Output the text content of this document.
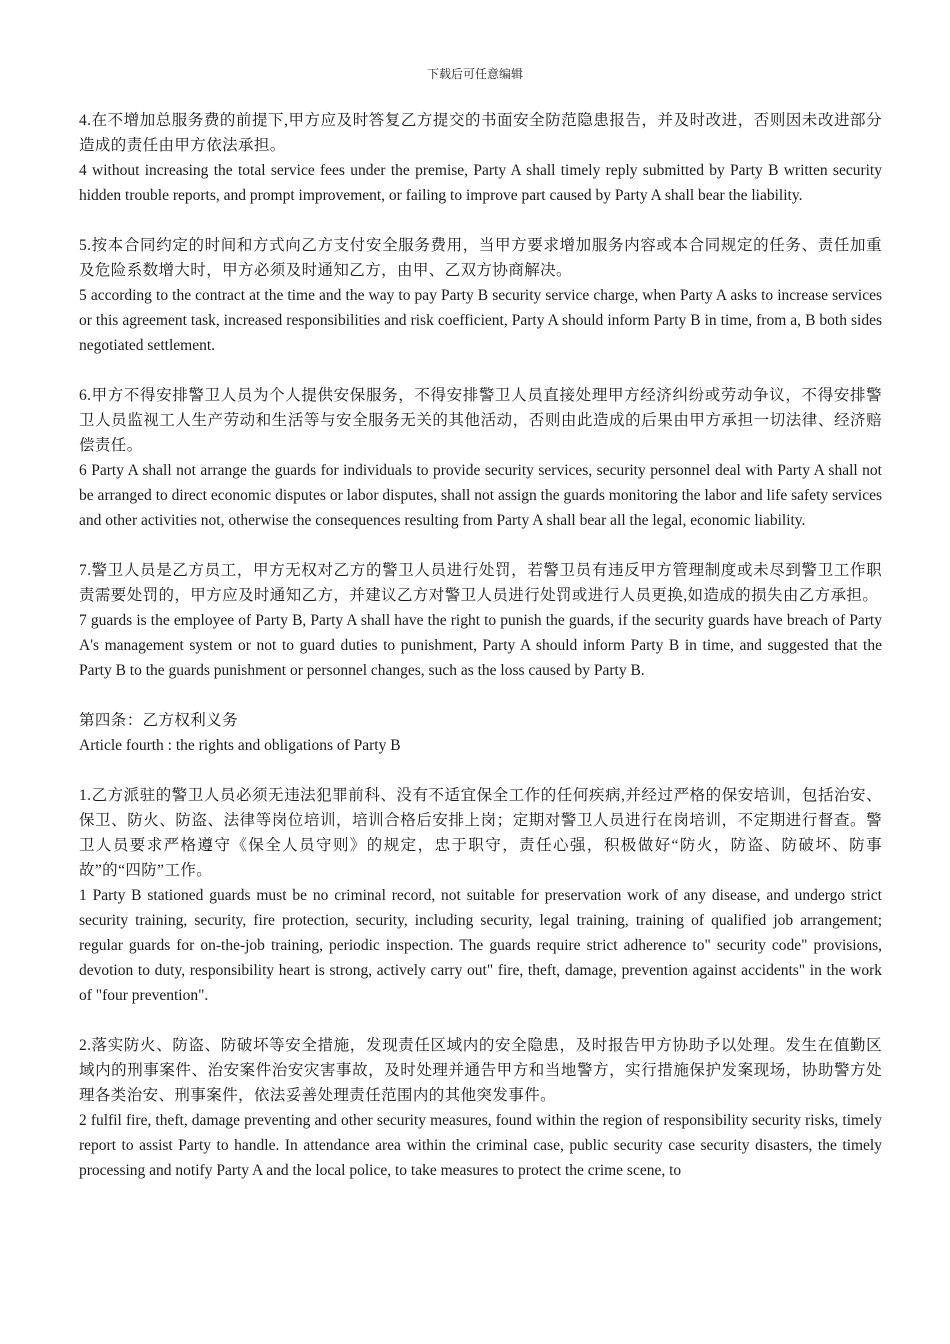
下载后可任意编辑

4.在不增加总服务费的前提下,甲方应及时答复乙方提交的书面安全防范隐患报告，并及时改进，否则因未改进部分造成的责任由甲方依法承担。

4 without increasing the total service fees under the premise, Party A shall timely reply submitted by Party B written security hidden trouble reports, and prompt improvement, or failing to improve part caused by Party A shall bear the liability.

5.按本合同约定的时间和方式向乙方支付安全服务费用，当甲方要求增加服务内容或本合同规定的任务、责任加重及危险系数增大时，甲方必须及时通知乙方，由甲、乙双方协商解决。

5 according to the contract at the time and the way to pay Party B security service charge, when Party A asks to increase services or this agreement task, increased responsibilities and risk coefficient, Party A should inform Party B in time, from a, B both sides negotiated settlement.

6.甲方不得安排警卫人员为个人提供安保服务，不得安排警卫人员直接处理甲方经济纠纷或劳动争议，不得安排警卫人员监视工人生产劳动和生活等与安全服务无关的其他活动，否则由此造成的后果由甲方承担一切法律、经济赔偿责任。

6 Party A shall not arrange the guards for individuals to provide security services, security personnel deal with Party A shall not be arranged to direct economic disputes or labor disputes, shall not assign the guards monitoring the labor and life safety services and other activities not, otherwise the consequences resulting from Party A shall bear all the legal, economic liability.

7.警卫人员是乙方员工，甲方无权对乙方的警卫人员进行处罚，若警卫员有违反甲方管理制度或未尽到警卫工作职责需要处罚的，甲方应及时通知乙方，并建议乙方对警卫人员进行处罚或进行人员更换,如造成的损失由乙方承担。

7 guards is the employee of Party B, Party A shall have the right to punish the guards, if the security guards have breach of Party A's management system or not to guard duties to punishment, Party A should inform Party B in time, and suggested that the Party B to the guards punishment or personnel changes, such as the loss caused by Party B.

第四条：乙方权利义务

Article fourth : the rights and obligations of Party B

1.乙方派驻的警卫人员必须无违法犯罪前科、没有不适宜保全工作的任何疾病,并经过严格的保安培训，包括治安、保卫、防火、防盗、法律等岗位培训，培训合格后安排上岗；定期对警卫人员进行在岗培训，不定期进行督查。警卫人员要求严格遵守《保全人员守则》的规定，忠于职守，责任心强，积极做好“防火，防盗、防破坏、防事故”的“四防”工作。

1 Party B stationed guards must be no criminal record, not suitable for preservation work of any disease, and undergo strict security training, security, fire protection, security, including security, legal training, training of qualified job arrangement; regular guards for on-the-job training, periodic inspection. The guards require strict adherence to" security code" provisions, devotion to duty, responsibility heart is strong, actively carry out" fire, theft, damage, prevention against accidents" in the work of "four prevention".

2.落实防火、防盗、防破坏等安全措施，发现责任区域内的安全隐患，及时报告甲方协助予以处理。发生在值勤区域内的刑事案件、治安案件治安灾害事故，及时处理并通告甲方和当地警方，实行措施保护发案现场，协助警方处理各类治安、刑事案件，依法妥善处理责任范围内的其他突发事件。

2 fulfil fire, theft, damage preventing and other security measures, found within the region of responsibility security risks, timely report to assist Party to handle. In attendance area within the criminal case, public security case security disasters, the timely processing and notify Party A and the local police, to take measures to protect the crime scene, to
